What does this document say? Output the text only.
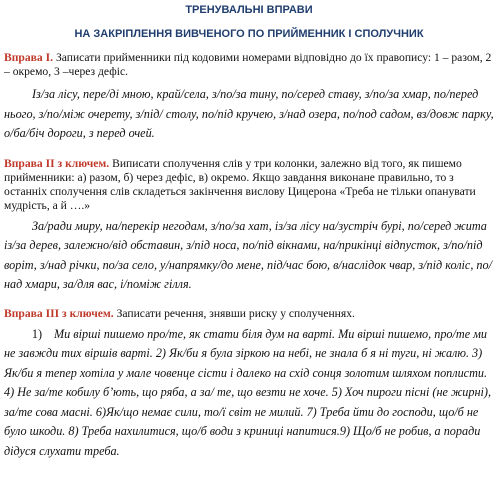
ТРЕНУВАЛЬНІ ВПРАВИ
НА ЗАКРІПЛЕННЯ ВИВЧЕНОГО ПО ПРИЙМЕННИК І СПОЛУЧНИК
Вправа І. Записати прийменники під кодовими номерами відповідно до їх правопису: 1 – разом, 2 – окремо, 3 –через дефіс.
Із/за лісу, пере/ді мною, край/села, з/по/за тину, по/серед ставу, з/по/за хмар, по/перед нього, з/по/між очерету, з/під/ столу, по/під кручею, з/над озера, по/под садом, вз/довж парку, о/ба/біч дороги, з перед очей.
Вправа ІІ з ключем. Виписати сполучення слів у три колонки, залежно від того, як пишемо прийменники: а) разом, б) через дефіс, в) окремо. Якщо завдання виконане правильно, то з останніх сполучення слів складеться закінчення вислову Цицерона «Треба не тільки опанувати мудрість, а й ….»
За/ради миру, на/перекір негодам, з/по/за хат, із/за лісу на/зустріч бурі, по/серед жита із/за дерев, залежно/від обставин, з/під носа, по/під вікнами, на/прикінці відпусток, з/по/під воріт, з/над річки, по/за село, у/напрямку/до мене, під/час бою, в/наслідок чвар, з/під коліс, по/над хмари, за/для вас, і/поміж гілля.
Вправа ІІІ з ключем. Записати речення, знявши риску у сполученнях.
1) Ми вірші пишемо про/те, як стати біля дум на варті. Ми вірші пишемо, про/те ми не завжди тих віршів варті. 2) Як/би я була зіркою на небі, не знала б я ні туги, ні жалю. 3) Як/би я тепер хотіла у мале човенце сісти і далеко на схід сонця золотим шляхом поплисти. 4) Не за/те кобилу б’ють, що ряба, а за/ те, що везти не хоче. 5) Хоч пироги пісні (не жирні), за/те сова масні. 6)Як/що немає сили, то/ї світ не милий. 7) Треба йти до господи, що/б не було шкоди. 8) Треба нахилитися, що/б води з криниці напитися.9) Що/б не робив, а поради дідуся слухати треба.
